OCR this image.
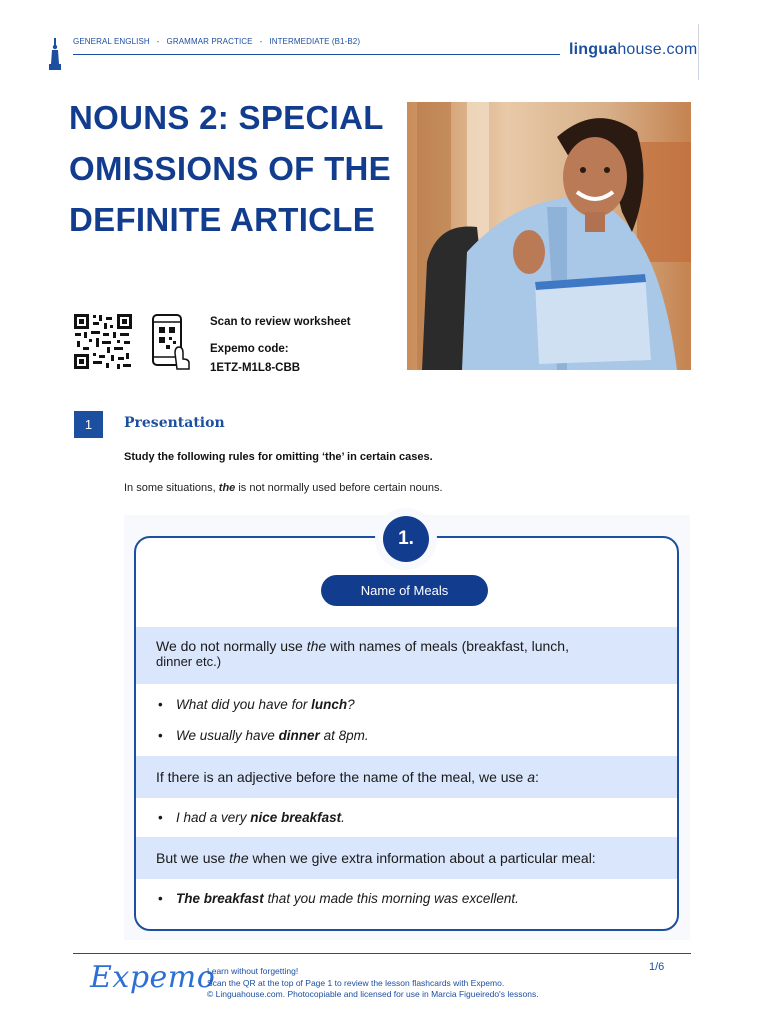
GENERAL ENGLISH - GRAMMAR PRACTICE - INTERMEDIATE (B1-B2)	linguahouse.com
NOUNS 2: SPECIAL OMISSIONS OF THE DEFINITE ARTICLE
Scan to review worksheet
Expemo code:
1ETZ-M1L8-CBB
1	Presentation
Study the following rules for omitting ‘the’ in certain cases.
In some situations, the is not normally used before certain nouns.
1.
Name of Meals
We do not normally use the with names of meals (breakfast, lunch,
dinner etc.)
• What did you have for lunch?
• We usually have dinner at 8pm.
If there is an adjective before the name of the meal, we use a:
• I had a very nice breakfast.
But we use the when we give extra information about a particular meal:
• The breakfast that you made this morning was excellent.
Expemo
Learn without forgetting!
Scan the QR at the top of Page 1 to review the lesson flashcards with Expemo.
© Linguahouse.com. Photocopiable and licensed for use in Marcia Figueiredo's lessons.
1/6
